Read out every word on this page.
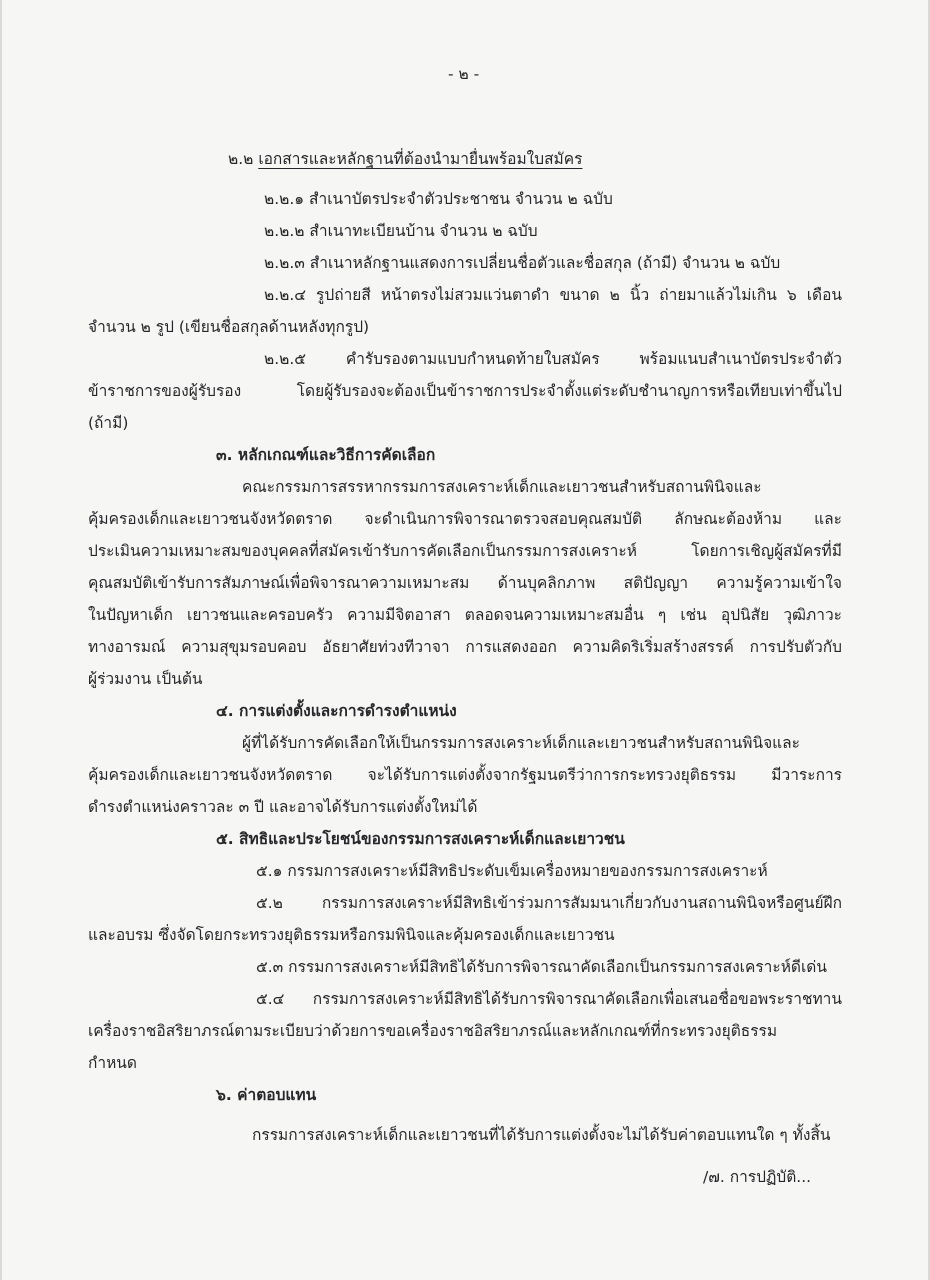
- ๒ -
๒.๒ เอกสารและหลักฐานที่ต้องนำมายื่นพร้อมใบสมัคร
๒.๒.๑ สำเนาบัตรประจำตัวประชาชน จำนวน ๒ ฉบับ
๒.๒.๒ สำเนาทะเบียนบ้าน จำนวน ๒ ฉบับ
๒.๒.๓ สำเนาหลักฐานแสดงการเปลี่ยนชื่อตัวและชื่อสกุล (ถ้ามี) จำนวน ๒ ฉบับ
๒.๒.๔ รูปถ่ายสี หน้าตรงไม่สวมแว่นตาดำ ขนาด ๒ นิ้ว ถ่ายมาแล้วไม่เกิน ๖ เดือน
จำนวน ๒ รูป (เขียนชื่อสกุลด้านหลังทุกรูป)
๒.๒.๕ คำรับรองตามแบบกำหนดท้ายใบสมัคร พร้อมแนบสำเนาบัตรประจำตัว
ข้าราชการของผู้รับรอง โดยผู้รับรองจะต้องเป็นข้าราชการประจำตั้งแต่ระดับชำนาญการหรือเทียบเท่าขึ้นไป
(ถ้ามี)
๓. หลักเกณฑ์และวิธีการคัดเลือก
คณะกรรมการสรรหากรรมการสงเคราะห์เด็กและเยาวชนสำหรับสถานพินิจและ
คุ้มครองเด็กและเยาวชนจังหวัดตราด จะดำเนินการพิจารณาตรวจสอบคุณสมบัติ ลักษณะต้องห้าม และ
ประเมินความเหมาะสมของบุคคลที่สมัครเข้ารับการคัดเลือกเป็นกรรมการสงเคราะห์ โดยการเชิญผู้สมัครที่มี
คุณสมบัติเข้ารับการสัมภาษณ์เพื่อพิจารณาความเหมาะสม ด้านบุคลิกภาพ สติปัญญา ความรู้ความเข้าใจ
ในปัญหาเด็ก เยาวชนและครอบครัว ความมีจิตอาสา ตลอดจนความเหมาะสมอื่น ๆ เช่น อุปนิสัย วุฒิภาวะ
ทางอารมณ์ ความสุขุมรอบคอบ อัธยาศัยท่วงทีวาจา การแสดงออก ความคิดริเริ่มสร้างสรรค์ การปรับตัวกับ
ผู้ร่วมงาน เป็นต้น
๔. การแต่งตั้งและการดำรงตำแหน่ง
ผู้ที่ได้รับการคัดเลือกให้เป็นกรรมการสงเคราะห์เด็กและเยาวชนสำหรับสถานพินิจและ
คุ้มครองเด็กและเยาวชนจังหวัดตราด จะได้รับการแต่งตั้งจากรัฐมนตรีว่าการกระทรวงยุติธรรม มีวาระการ
ดำรงตำแหน่งคราวละ ๓ ปี และอาจได้รับการแต่งตั้งใหม่ได้
๕. สิทธิและประโยชน์ของกรรมการสงเคราะห์เด็กและเยาวชน
๕.๑ กรรมการสงเคราะห์มีสิทธิประดับเข็มเครื่องหมายของกรรมการสงเคราะห์
๕.๒ กรรมการสงเคราะห์มีสิทธิเข้าร่วมการสัมมนาเกี่ยวกับงานสถานพินิจหรือศูนย์ฝึก
และอบรม ซึ่งจัดโดยกระทรวงยุติธรรมหรือกรมพินิจและคุ้มครองเด็กและเยาวชน
๕.๓ กรรมการสงเคราะห์มีสิทธิได้รับการพิจารณาคัดเลือกเป็นกรรมการสงเคราะห์ดีเด่น
๕.๔ กรรมการสงเคราะห์มีสิทธิได้รับการพิจารณาคัดเลือกเพื่อเสนอชื่อขอพระราชทาน
เครื่องราชอิสริยาภรณ์ตามระเบียบว่าด้วยการขอเครื่องราชอิสริยาภรณ์และหลักเกณฑ์ที่กระทรวงยุติธรรม
กำหนด
๖. ค่าตอบแทน
กรรมการสงเคราะห์เด็กและเยาวชนที่ได้รับการแต่งตั้งจะไม่ได้รับค่าตอบแทนใด ๆ ทั้งสิ้น
/๗. การปฏิบัติ...
